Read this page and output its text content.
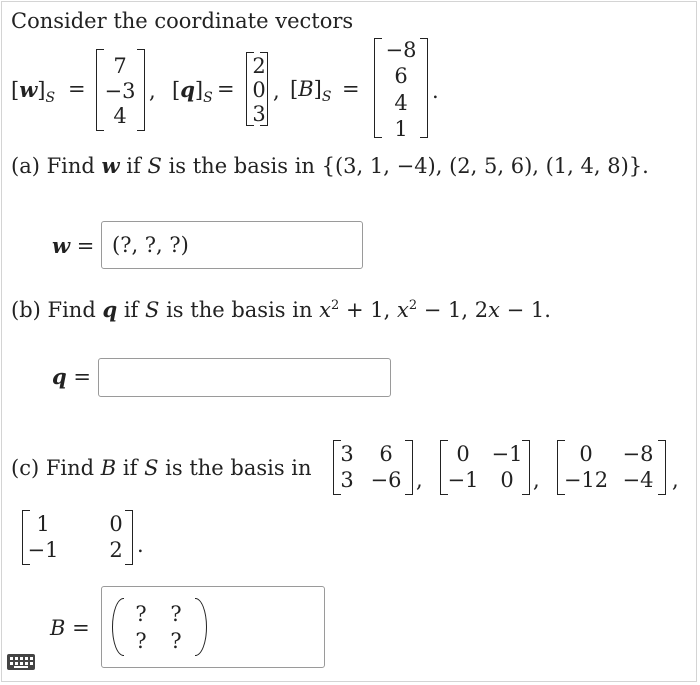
Consider the coordinate vectors
$[w]_S$ =
7
−3
4
, $[q]_S$ =
2
0
3
, $[B]_S$ =
−8
6
4
1
.
(a) Find w if S is the basis in {(3, 1, −4), (2, 5, 6), (1, 4, 8)}.
w = (?, ?, ?)
(b) Find q if S is the basis in $x^2 + 1$, $x^2 - 1$, 2x − 1.
q =
(c) Find B if S is the basis in
3	6
3 −6 ,
0	−1
−1	0 ,
0	−8
−12 −4 ,
1	0
−1 2 .
B =
? ?
? ?
